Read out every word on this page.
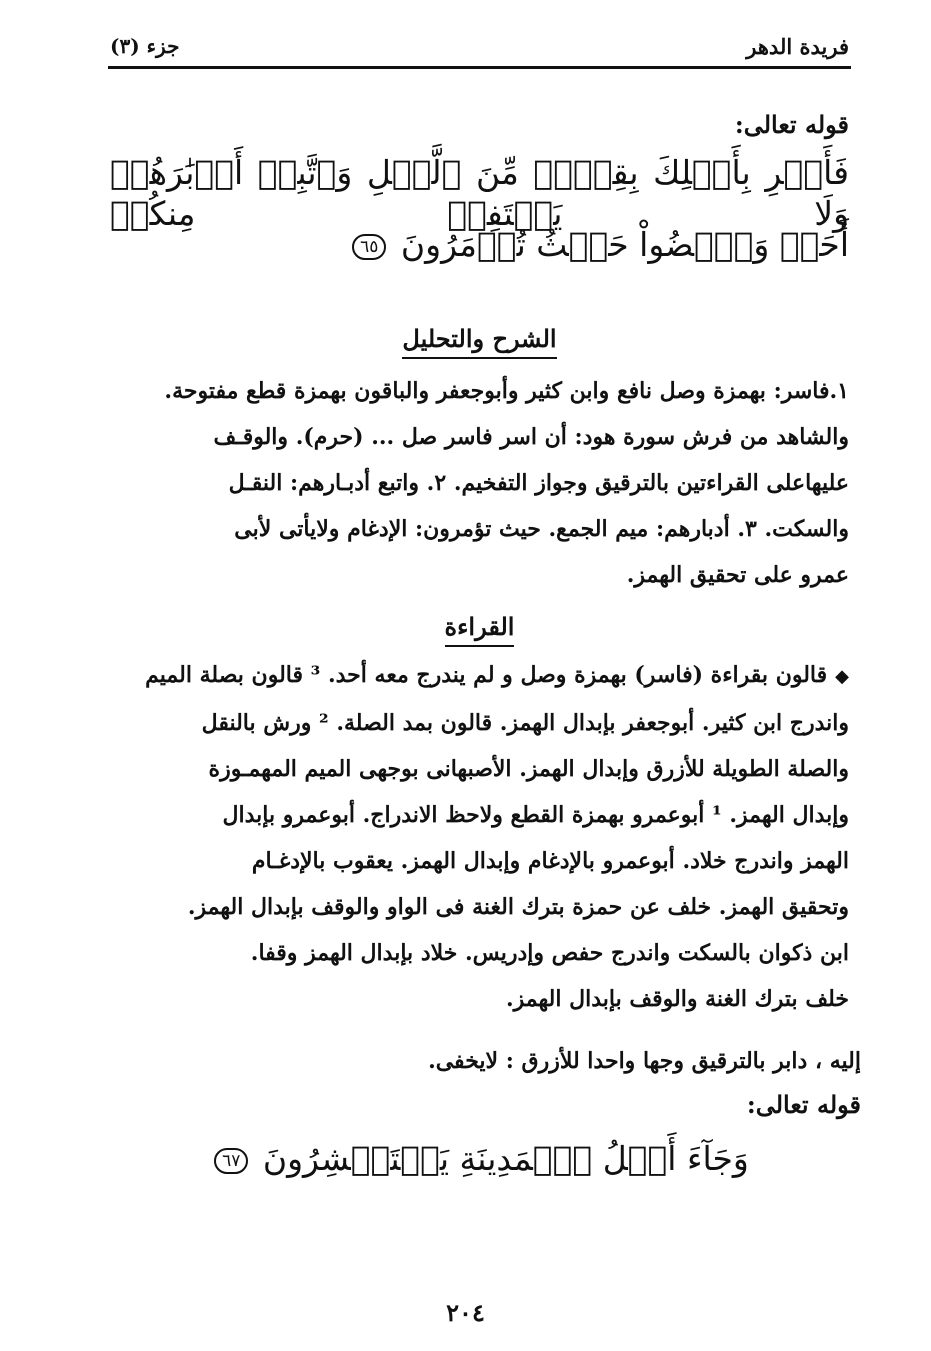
فريدة الدهر
جزء (٣)
قوله تعالى:
فَأَسۡرِ بِأَهۡلِكَ بِقِطۡعٖ مِّنَ ٱلَّيۡلِ وَٱتَّبِعۡ أَدۡبَٰرَهُمۡ وَلَا يَلۡتَفِتۡ مِنكُمۡ
أَحَدٞ وَٱمۡضُواْ حَيۡثُ تُؤۡمَرُونَ ٦٥
الشرح والتحليل

١.فاسر: بهمزة وصل نافع وابن كثير وأبوجعفر والباقون بهمزة قطع مفتوحة.

والشاهد من فرش سورة هود: أن اسر فاسر صل ... (حرم). والوقـف

عليهاعلى القراءتين بالترقيق وجواز التفخيم. ٢. واتبع أدبـارهم: النقـل

والسكت. ٣. أدبارهم: ميم الجمع. حيث تؤمرون: الإدغام ولايأتى لأبى

عمرو على تحقيق الهمز.

القراءة

◆قالون بقراءة (فاسر) بهمزة وصل و لم يندرج معه أحد. ³ قالون بصلة الميم

واندرج ابن كثير. أبوجعفر بإبدال الهمز. قالون بمد الصلة. ² ورش بالنقل

والصلة الطويلة للأزرق وإبدال الهمز. الأصبهانى بوجهى الميم المهمـوزة

وإبدال الهمز. ¹ أبوعمرو بهمزة القطع ولاحظ الاندراج. أبوعمرو بإبدال

الهمز واندرج خلاد. أبوعمرو بالإدغام وإبدال الهمز. يعقوب بالإدغـام

وتحقيق الهمز. خلف عن حمزة بترك الغنة فى الواو والوقف بإبدال الهمز.

ابن ذكوان بالسكت واندرج حفص وإدريس. خلاد بإبدال الهمز وقفا.

خلف بترك الغنة والوقف بإبدال الهمز.

إليه ، دابر بالترقيق وجها واحدا للأزرق : لايخفى.

قوله تعالى:
وَجَآءَ أَهۡلُ ٱلۡمَدِينَةِ يَسۡتَبۡشِرُونَ ٦٧
٢٠٤
